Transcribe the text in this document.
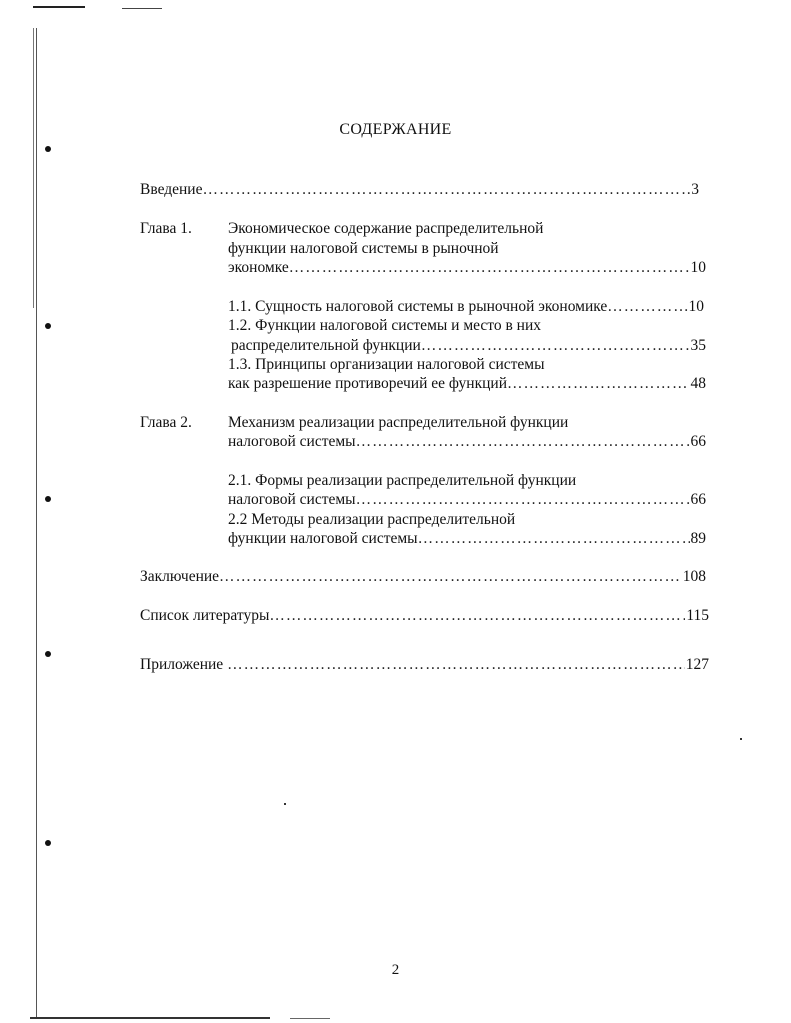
СОДЕРЖАНИЕ
Введение …………………………………………………………………………………………………………………………………………………………………………………………………………………………	3
Глава 1. Экономическое содержание распределительной
функции налоговой системы в рыночной
экономке …………………………………………………………………………………………………………………………………………………………………………………………………………………………	10
1.1. Сущность налоговой системы в рыночной экономике …………………………………………………………………………………………………………………………………………………………………………………………………………………………	10
1.2. Функции налоговой системы и место в них
распределительной функции …………………………………………………………………………………………………………………………………………………………………………………………………………………………	35
1.3. Принципы организации налоговой системы
как разрешение противоречий ее функций …………………………………………………………………………………………………………………………………………………………………………………………………………………………	48
Глава 2. Механизм реализации распределительной функции
налоговой системы …………………………………………………………………………………………………………………………………………………………………………………………………………………………	66
2.1. Формы реализации распределительной функции
налоговой системы …………………………………………………………………………………………………………………………………………………………………………………………………………………………	66
2.2 Методы реализации распределительной
функции налоговой системы …………………………………………………………………………………………………………………………………………………………………………………………………………………………	89
Заключение …………………………………………………………………………………………………………………………………………………………………………………………………………………………	108
Список литературы …………………………………………………………………………………………………………………………………………………………………………………………………………………………	115
Приложение …………………………………………………………………………………………………………………………………………………………………………………………………………………………	127
2
